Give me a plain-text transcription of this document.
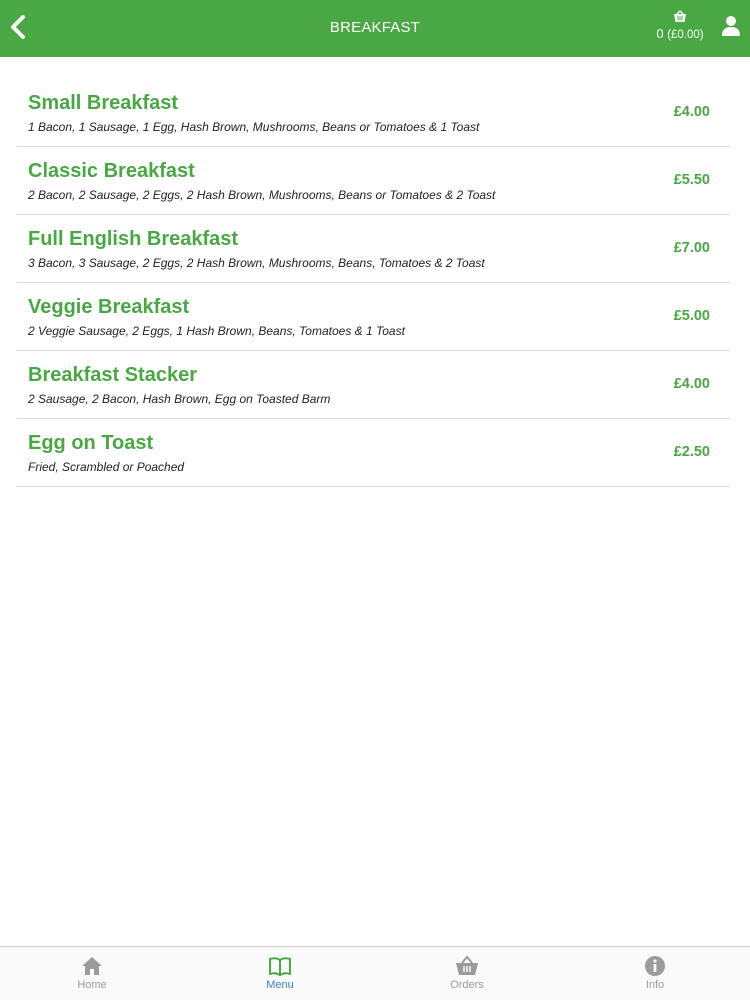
BREAKFAST	0 (£0.00)
Small Breakfast
1 Bacon, 1 Sausage, 1 Egg, Hash Brown, Mushrooms, Beans or Tomatoes & 1 Toast
£4.00
Classic Breakfast
2 Bacon, 2 Sausage, 2 Eggs, 2 Hash Brown, Mushrooms, Beans or Tomatoes & 2 Toast
£5.50
Full English Breakfast
3 Bacon, 3 Sausage, 2 Eggs, 2 Hash Brown, Mushrooms, Beans, Tomatoes & 2 Toast
£7.00
Veggie Breakfast
2 Veggie Sausage, 2 Eggs, 1 Hash Brown, Beans, Tomatoes & 1 Toast
£5.00
Breakfast Stacker
2 Sausage, 2 Bacon, Hash Brown, Egg on Toasted Barm
£4.00
Egg on Toast
Fried, Scrambled or Poached
£2.50
Home	Menu	Orders	Info
